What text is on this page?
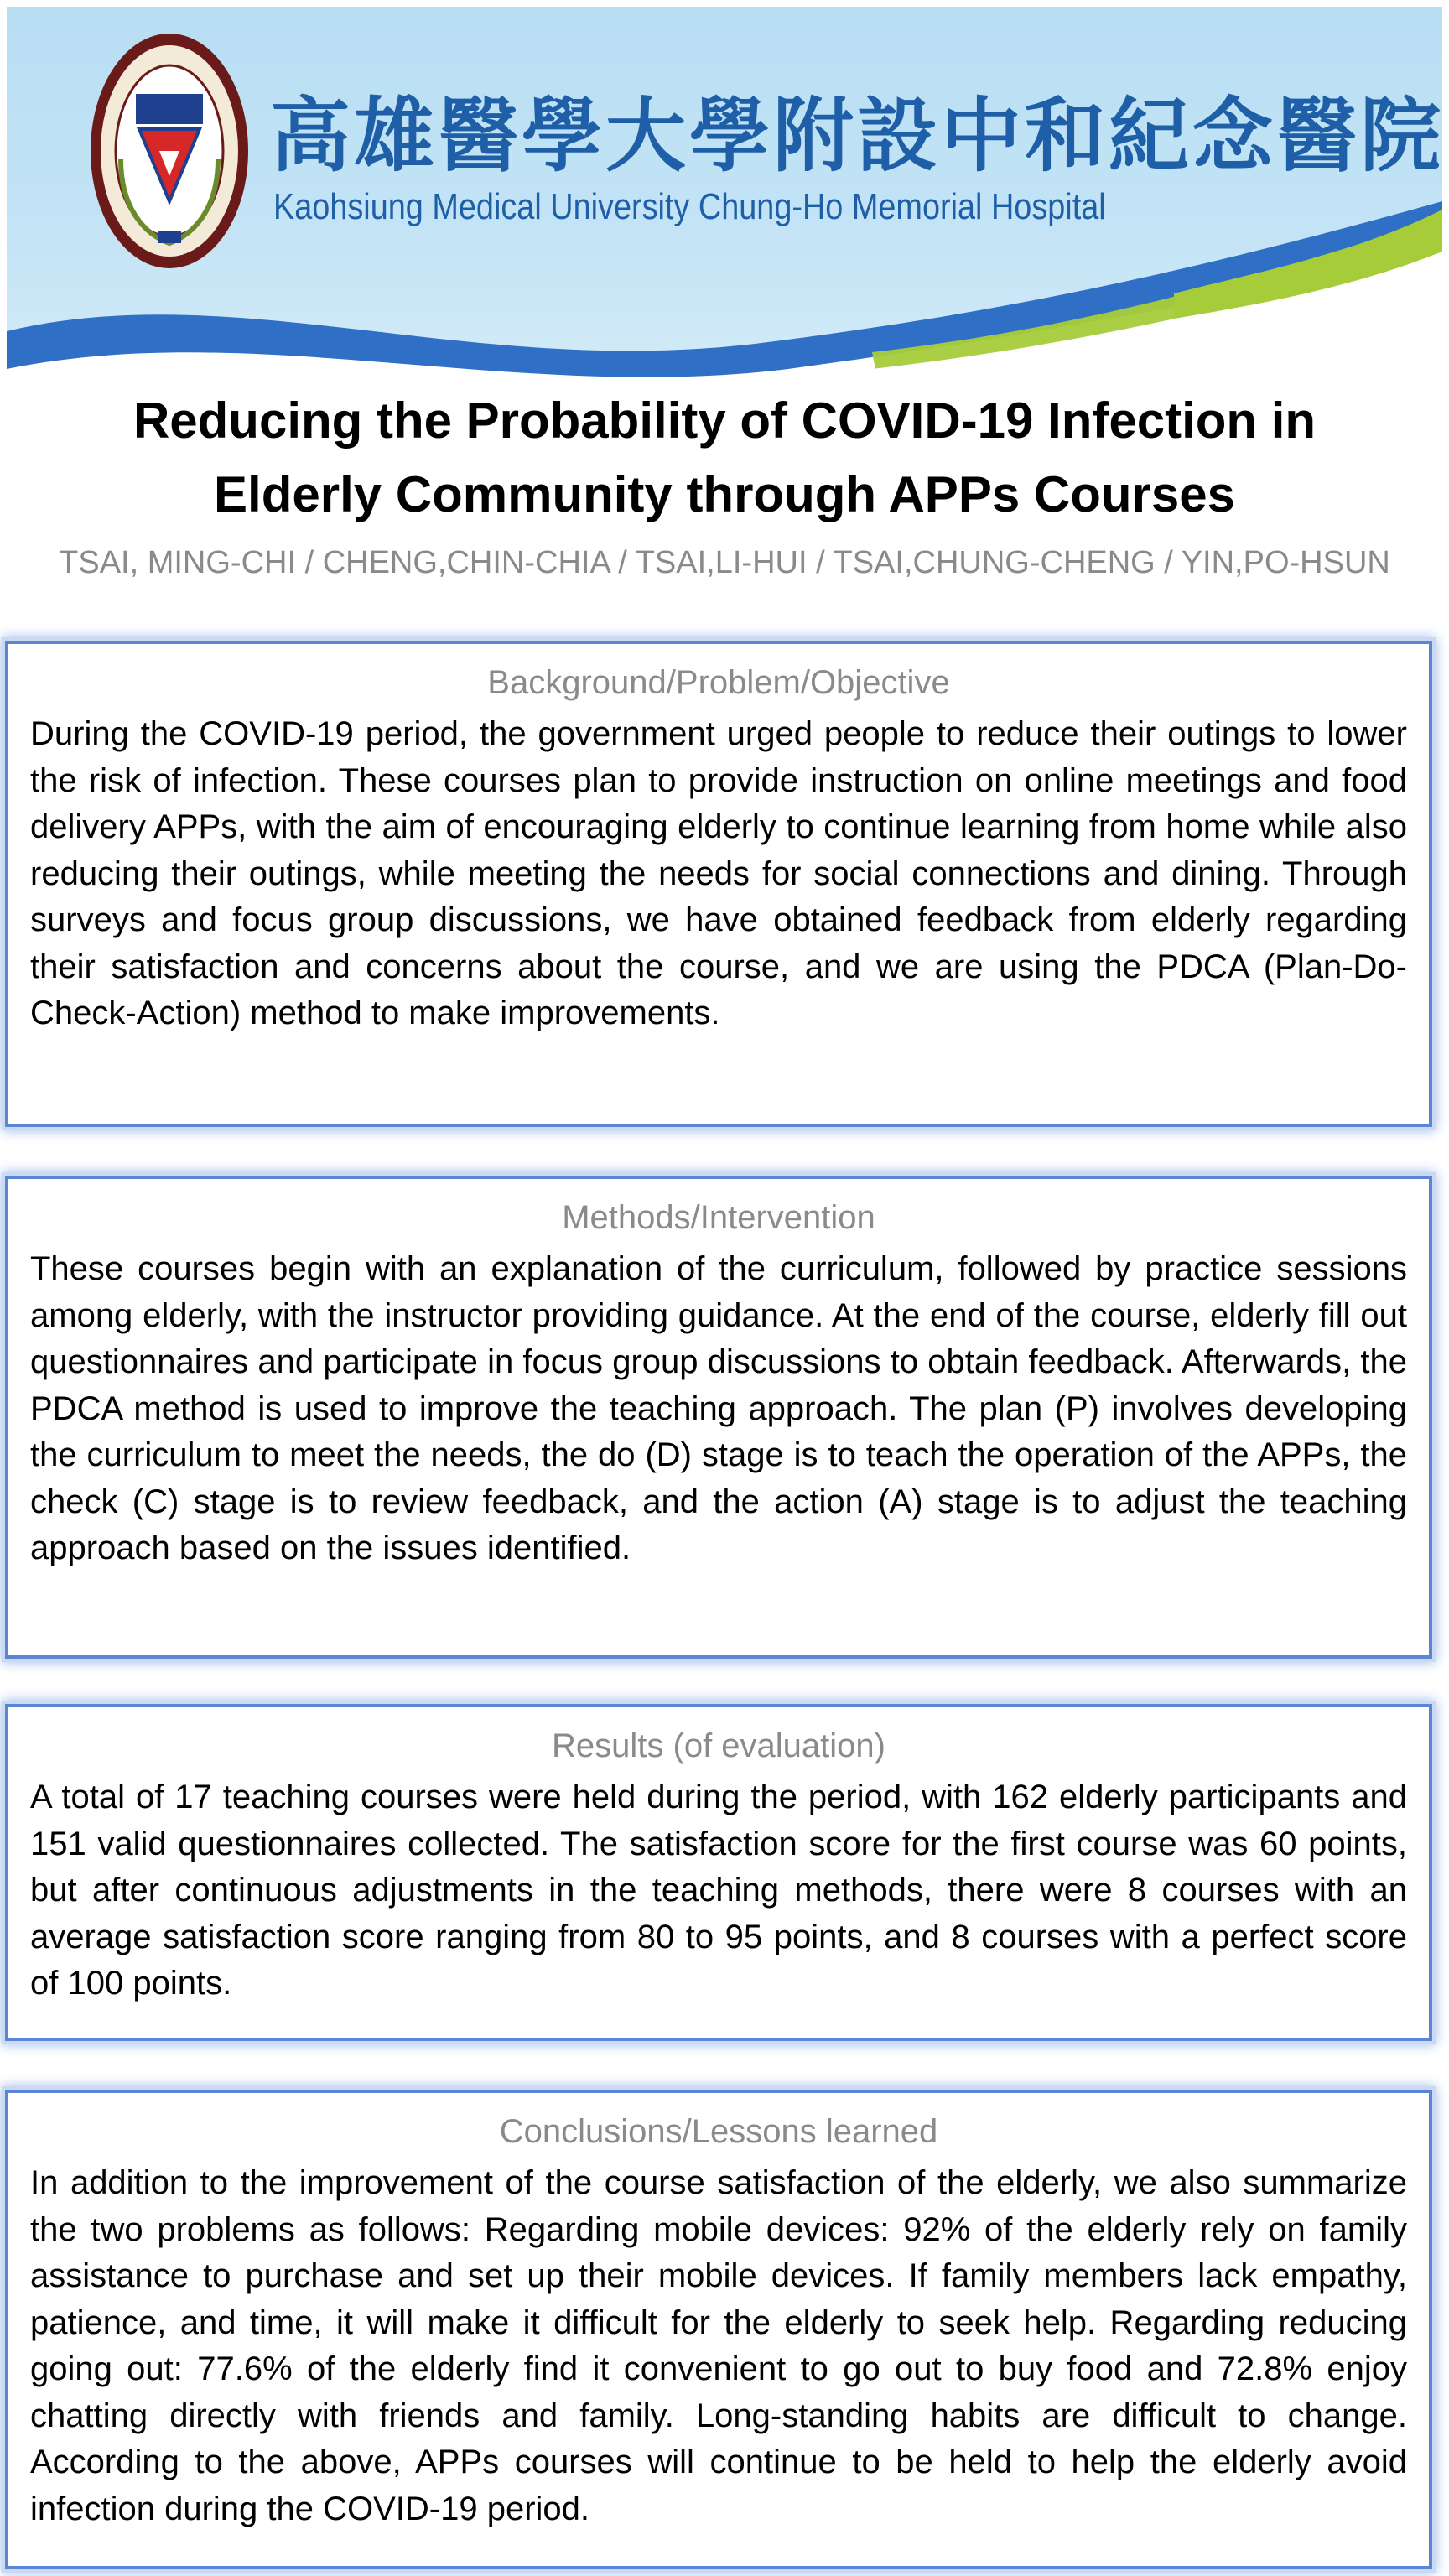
高雄醫學大學附設中和紀念醫院
Kaohsiung Medical University Chung-Ho Memorial Hospital
Reducing the Probability of COVID-19 Infection in Elderly Community through APPs Courses
TSAI, MING-CHI / CHENG,CHIN-CHIA / TSAI,LI-HUI / TSAI,CHUNG-CHENG / YIN,PO-HSUN
Background/Problem/Objective
During the COVID-19 period, the government urged people to reduce their outings to lower the risk of infection. These courses plan to provide instruction on online meetings and food delivery APPs, with the aim of encouraging elderly to continue learning from home while also reducing their outings, while meeting the needs for social connections and dining. Through surveys and focus group discussions, we have obtained feedback from elderly regarding their satisfaction and concerns about the course, and we are using the PDCA (Plan-Do-Check-Action) method to make improvements.
Methods/Intervention
These courses begin with an explanation of the curriculum, followed by practice sessions among elderly, with the instructor providing guidance. At the end of the course, elderly fill out questionnaires and participate in focus group discussions to obtain feedback. Afterwards, the PDCA method is used to improve the teaching approach. The plan (P) involves developing the curriculum to meet the needs, the do (D) stage is to teach the operation of the APPs, the check (C) stage is to review feedback, and the action (A) stage is to adjust the teaching approach based on the issues identified.
Results (of evaluation)
A total of 17 teaching courses were held during the period, with 162 elderly participants and 151 valid questionnaires collected. The satisfaction score for the first course was 60 points, but after continuous adjustments in the teaching methods, there were 8 courses with an average satisfaction score ranging from 80 to 95 points, and 8 courses with a perfect score of 100 points.
Conclusions/Lessons learned
In addition to the improvement of the course satisfaction of the elderly, we also summarize the two problems as follows: Regarding mobile devices: 92% of the elderly rely on family assistance to purchase and set up their mobile devices. If family members lack empathy, patience, and time, it will make it difficult for the elderly to seek help. Regarding reducing going out: 77.6% of the elderly find it convenient to go out to buy food and 72.8% enjoy chatting directly with friends and family. Long-standing habits are difficult to change. According to the above, APPs courses will continue to be held to help the elderly avoid infection during the COVID-19 period.
